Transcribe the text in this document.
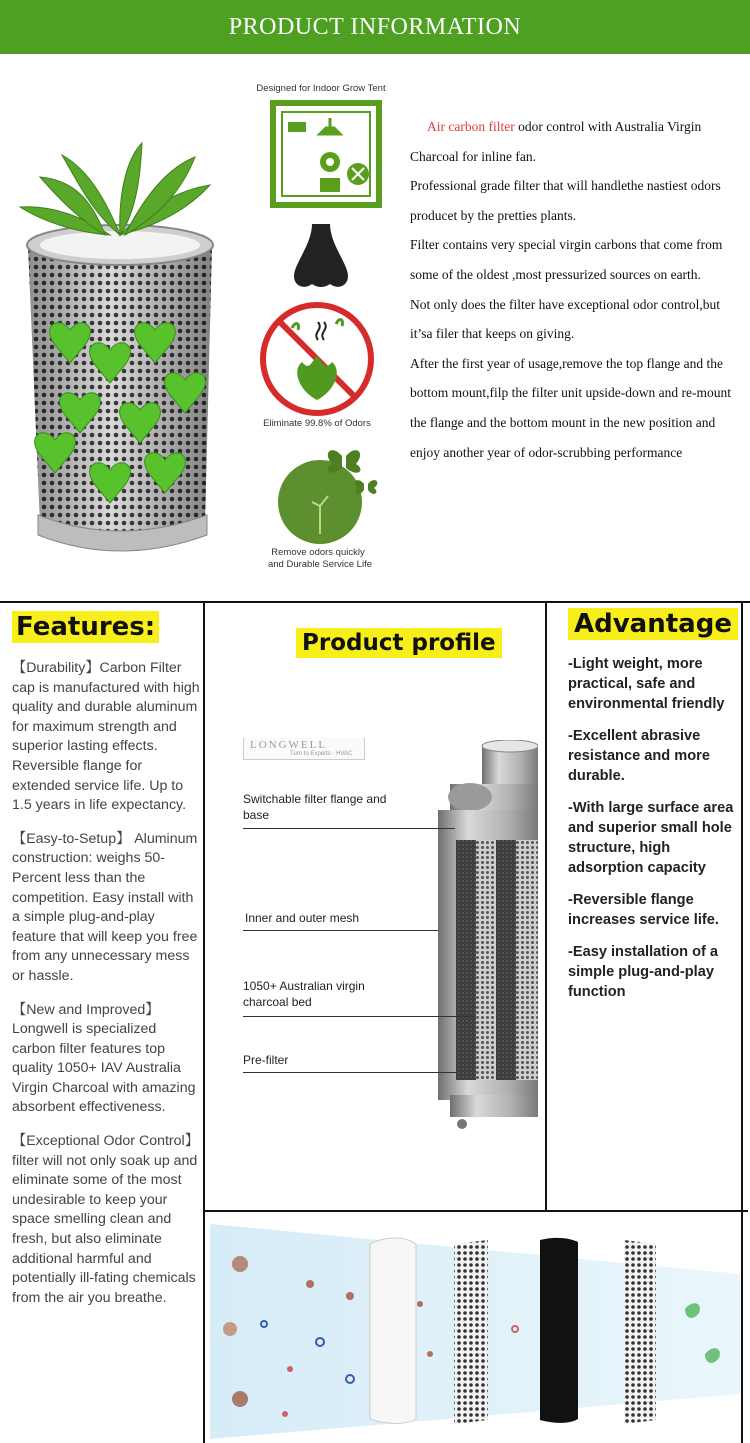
PRODUCT INFORMATION
Designed for Indoor Grow Tent
Eliminate 99.8% of Odors
Remove odors quickly
and Durable Service Life

Air carbon filter odor control with Australia Virgin Charcoal for inline fan.

Professional grade filter that will handlethe nastiest odors producet by the pretties plants.

Filter contains very special virgin carbons that come from some of the oldest ,most pressurized sources on earth.

Not only does the filter have exceptional odor control,but it’sa filer that keeps on giving.

After the first year of usage,remove the top flange and the bottom mount,filp the filter unit upside-down and re-mount the flange and the bottom mount in the new position and enjoy another year of odor-scrubbing performance

Features:
【Durability】Carbon Filter cap is manufactured with high quality and durable aluminum for maximum strength and superior lasting effects. Reversible flange for extended service life. Up to 1.5 years in life expectancy.
【Easy-to-Setup】 Aluminum construction: weighs 50-Percent less than the competition. Easy install with a simple plug-and-play feature that will keep you free from any unnecessary mess or hassle.
【New and Improved】 Longwell is specialized carbon filter features top quality 1050+ IAV Australia Virgin Charcoal with amazing absorbent effectiveness.
【Exceptional Odor Control】filter will not only soak up and eliminate some of the most undesirable to keep your space smelling clean and fresh, but also eliminate additional harmful and potentially ill-fating chemicals from the air you breathe.
Product profile
LONGWELL
Turn to Experts · HVAC
Switchable filter flange and base
Inner and outer mesh
1050+ Australian virgin charcoal bed
Pre-filter
Advantage
-Light weight, more practical, safe and environmental friendly
-Excellent abrasive resistance and more durable.
-With large surface area and superior small hole structure, high adsorption capacity
-Reversible flange increases service life.
-Easy installation of a simple plug-and-play function
